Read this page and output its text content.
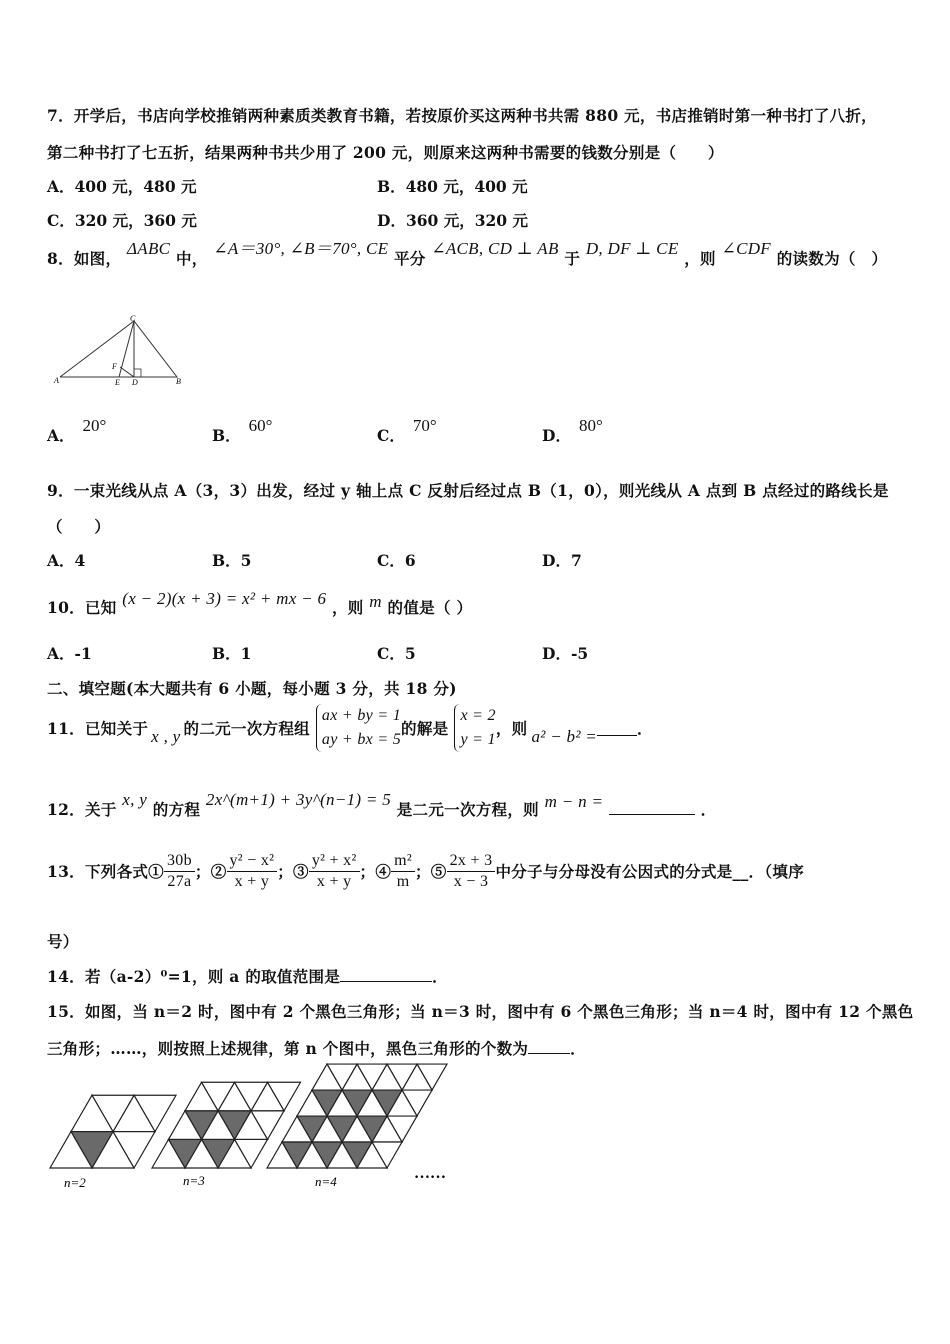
7．开学后，书店向学校推销两种素质类教育书籍，若按原价买这两种书共需 880 元，书店推销时第一种书打了八折，
第二种书打了七五折，结果两种书共少用了 200 元，则原来这两种书需要的钱数分别是（　　）
A．400 元，480 元	B．480 元，400 元
C．320 元，360 元	D．360 元，320 元
8．如图， ΔABC 中， ∠A＝30°, ∠B＝70°, CE 平分 ∠ACB, CD ⊥ AB 于 D, DF ⊥ CE ，则 ∠CDF 的读数为（　）
A	B
C
D
E
F
A．20°
B．60°
C．70°
D．80°
9．一束光线从点 A（3，3）出发，经过 y 轴上点 C 反射后经过点 B（1，0），则光线从 A 点到 B 点经过的路线长是
（　　）
A．4	B．5	C．6	D．7
10．已知 (x − 2)(x + 3) = x² + mx − 6 ，则 m 的值是（ ）
A．-1	B．1	C．5	D．-5
二、填空题(本大题共有 6 小题，每小题 3 分，共 18 分)
11．已知关于 x , y 的二元一次方程组
ax + by = 1
ay + bx = 5
的解是
x = 2
y = 1
，则 a² − b² =	．
12．关于 x, y 的方程 2x^(m+1) + 3y^(n−1) = 5 是二元一次方程，则 m − n =	．
13．下列各式① $\frac{30b}{27a}$ ；② $\frac{\text{y² − x²}}{x + y}$ ；③ $\frac{\text{y² + x²}}{x + y}$ ；④ $\frac{\text{m²}}{m}$ ；⑤ $\frac{2x + 3}{x - 3}$ 中分子与分母没有公因式的分式是__．（填序
号）
14．若（a-2）⁰=1，则 a 的取值范围是	．
15．如图，当 n＝2 时，图中有 2 个黑色三角形；当 n＝3 时，图中有 6 个黑色三角形；当 n＝4 时，图中有 12 个黑色
三角形；……，则按照上述规律，第 n 个图中，黑色三角形的个数为	．
n=2	n=3	n=4	……
